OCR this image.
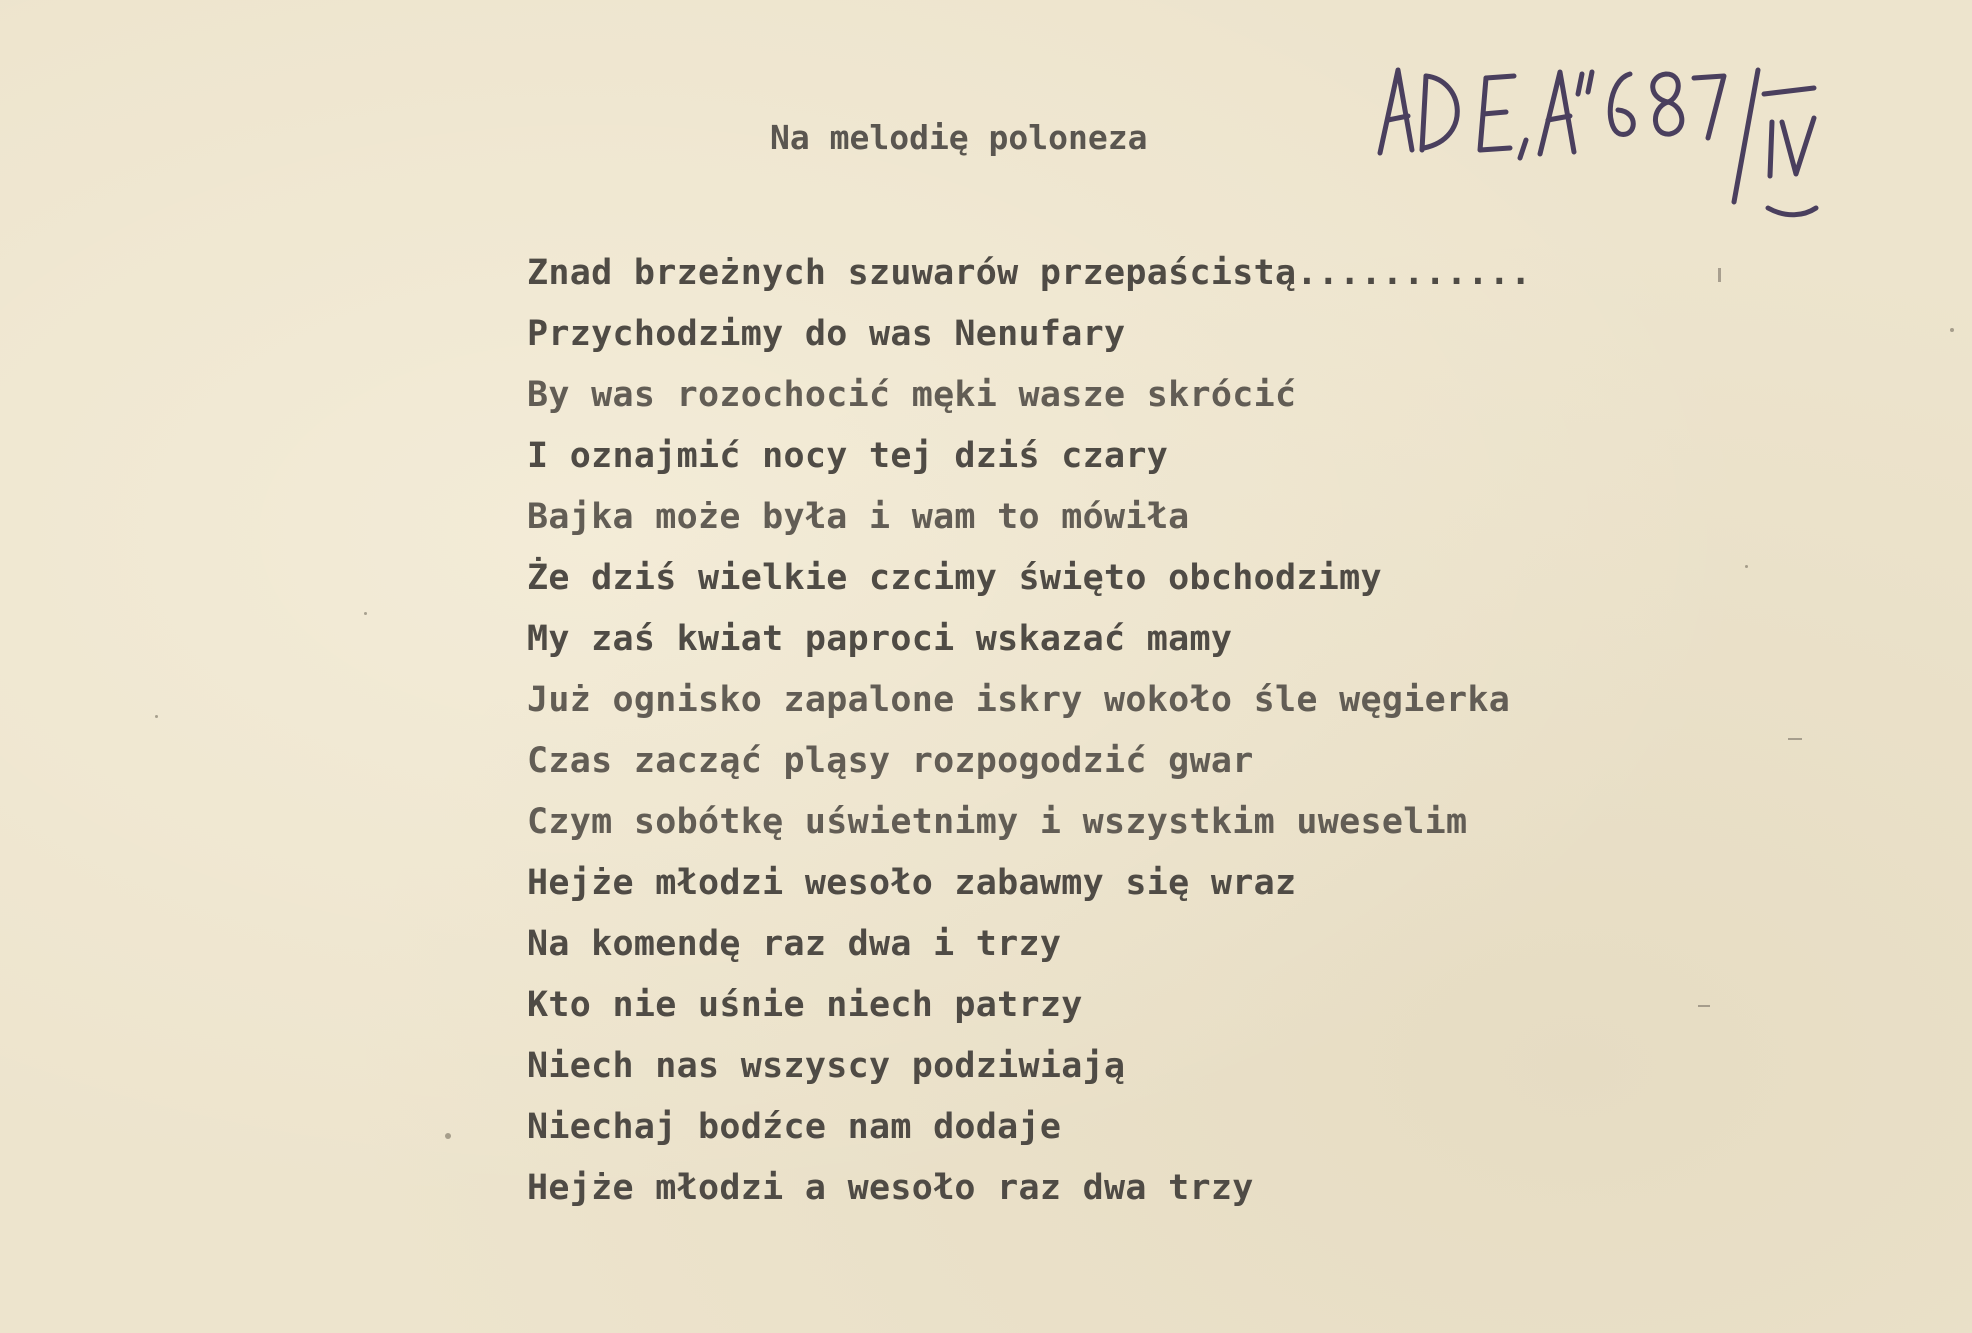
Na melodię poloneza
Znad brzeżnych szuwarów przepaścistą...........
Przychodzimy do was Nenufary
By was rozochocić męki wasze skrócić
I oznajmić nocy tej dziś czary
Bajka może była i wam to mówiła
Że dziś wielkie czcimy święto obchodzimy
My zaś kwiat paproci wskazać mamy
Już ognisko zapalone iskry wokoło śle węgierka
Czas zacząć pląsy rozpogodzić gwar
Czym sobótkę uświetnimy i wszystkim uweselim
Hejże młodzi wesoło zabawmy się wraz
Na komendę raz dwa i trzy
Kto nie uśnie niech patrzy
Niech nas wszyscy podziwiają
Niechaj bodźce nam dodaje
Hejże młodzi a wesoło raz dwa trzy
